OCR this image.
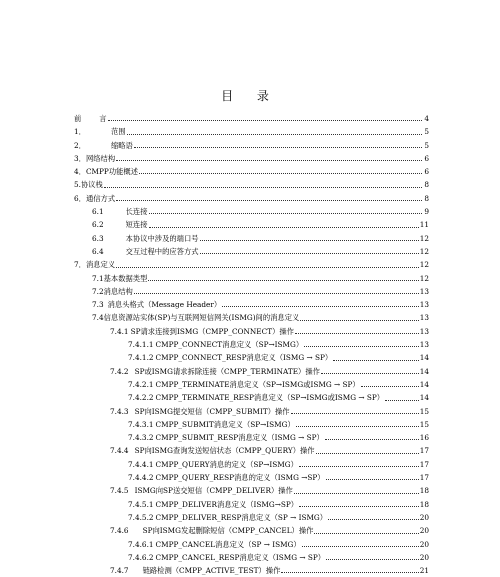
目 录
前 言	4
1．	范围	5
2．	缩略语	5
3． 网络结构	6
4． CMPP功能概述	6
5. 协议栈	8
6． 通信方式	8
6.1	长连接	9
6.2	短连接	11
6.3	本协议中涉及的端口号	12
6.4	交互过程中的应答方式	12
7． 消息定义	12
7.1 基本数据类型	12
7.2 消息结构	13
7.3 消息头格式（Message Header）	13
7.4 信息资源站实体(SP)与互联网短信网关(ISMG)间的消息定义	13
7.4.1 SP请求连接到ISMG（CMPP_CONNECT）操作	13
7.4.1.1 CMPP_CONNECT消息定义（SP→ISMG）	13
7.4.1.2 CMPP_CONNECT_RESP消息定义（ISMG → SP）	14
7.4.2 SP或ISMG请求拆除连接（CMPP_TERMINATE）操作	14
7.4.2.1 CMPP_TERMINATE消息定义（SP→ISMG或ISMG → SP）	14
7.4.2.2 CMPP_TERMINATE_RESP消息定义（SP→ISMG或ISMG → SP）	14
7.4.3 SP向ISMG提交短信（CMPP_SUBMIT）操作	15
7.4.3.1 CMPP_SUBMIT消息定义（SP→ISMG）	15
7.4.3.2 CMPP_SUBMIT_RESP消息定义（ISMG → SP）	16
7.4.4 SP向ISMG查询发送短信状态（CMPP_QUERY）操作	17
7.4.4.1 CMPP_QUERY消息的定义（SP→ISMG）	17
7.4.4.2 CMPP_QUERY_RESP消息的定义（ISMG →SP）	17
7.4.5 ISMG向SP送交短信（CMPP_DELIVER）操作	18
7.4.5.1 CMPP_DELIVER消息定义（ISMG→SP）	18
7.4.5.2 CMPP_DELIVER_RESP消息定义（SP → ISMG）	20
7.4.6 SP向ISMG发起删除短信（CMPP_CANCEL）操作	20
7.4.6.1 CMPP_CANCEL消息定义（SP → ISMG）	20
7.4.6.2 CMPP_CANCEL_RESP消息定义（ISMG → SP）	20
7.4.7 链路检测（CMPP_ACTIVE_TEST）操作	21
